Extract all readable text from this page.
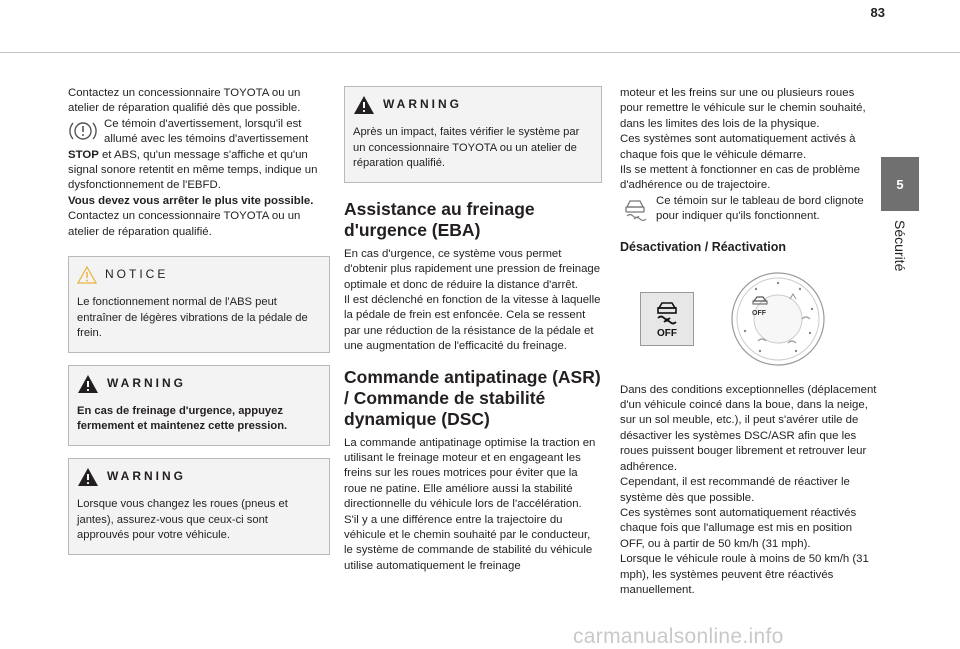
83
5
Sécurité

Contactez un concessionnaire TOYOTA ou un atelier de réparation qualifié dès que possible.

Ce témoin d'avertissement, lorsqu'il est allumé avec les témoins d'avertissement

STOP et ABS, qu'un message s'affiche et qu'un signal sonore retentit en même temps, indique un dysfonctionnement de l'EBFD.

Vous devez vous arrêter le plus vite possible.

Contactez un concessionnaire TOYOTA ou un atelier de réparation qualifié.

NOTICE
Le fonctionnement normal de l'ABS peut entraîner de légères vibrations de la pédale de frein.
WARNING
En cas de freinage d'urgence, appuyez fermement et maintenez cette pression.
WARNING
Lorsque vous changez les roues (pneus et jantes), assurez-vous que ceux-ci sont approuvés pour votre véhicule.
WARNING
Après un impact, faites vérifier le système par un concessionnaire TOYOTA ou un atelier de réparation qualifié.
Assistance au freinage d'urgence (EBA)

En cas d'urgence, ce système vous permet d'obtenir plus rapidement une pression de freinage optimale et donc de réduire la distance d'arrêt.

Il est déclenché en fonction de la vitesse à laquelle la pédale de frein est enfoncée. Cela se ressent par une réduction de la résistance de la pédale et une augmentation de l'efficacité du freinage.

Commande antipatinage (ASR) / Commande de stabilité dynamique (DSC)

La commande antipatinage optimise la traction en utilisant le freinage moteur et en engageant les freins sur les roues motrices pour éviter que la roue ne patine. Elle améliore aussi la stabilité directionnelle du véhicule lors de l'accélération.

S'il y a une différence entre la trajectoire du véhicule et le chemin souhaité par le conducteur, le système de commande de stabilité du véhicule utilise automatiquement le freinage

moteur et les freins sur une ou plusieurs roues pour remettre le véhicule sur le chemin souhaité, dans les limites des lois de la physique.

Ces systèmes sont automatiquement activés à chaque fois que le véhicule démarre.

Ils se mettent à fonctionner en cas de problème d'adhérence ou de trajectoire.

Ce témoin sur le tableau de bord clignote pour indiquer qu'ils fonctionnent.
Désactivation / Réactivation
OFF
OFF

Dans des conditions exceptionnelles (déplacement d'un véhicule coincé dans la boue, dans la neige, sur un sol meuble, etc.), il peut s'avérer utile de désactiver les systèmes DSC/ASR afin que les roues puissent bouger librement et retrouver leur adhérence.

Cependant, il est recommandé de réactiver le système dès que possible.

Ces systèmes sont automatiquement réactivés chaque fois que l'allumage est mis en position OFF, ou à partir de 50 km/h (31 mph).

Lorsque le véhicule roule à moins de 50 km/h (31 mph), les systèmes peuvent être réactivés manuellement.

carmanualsonline.info
